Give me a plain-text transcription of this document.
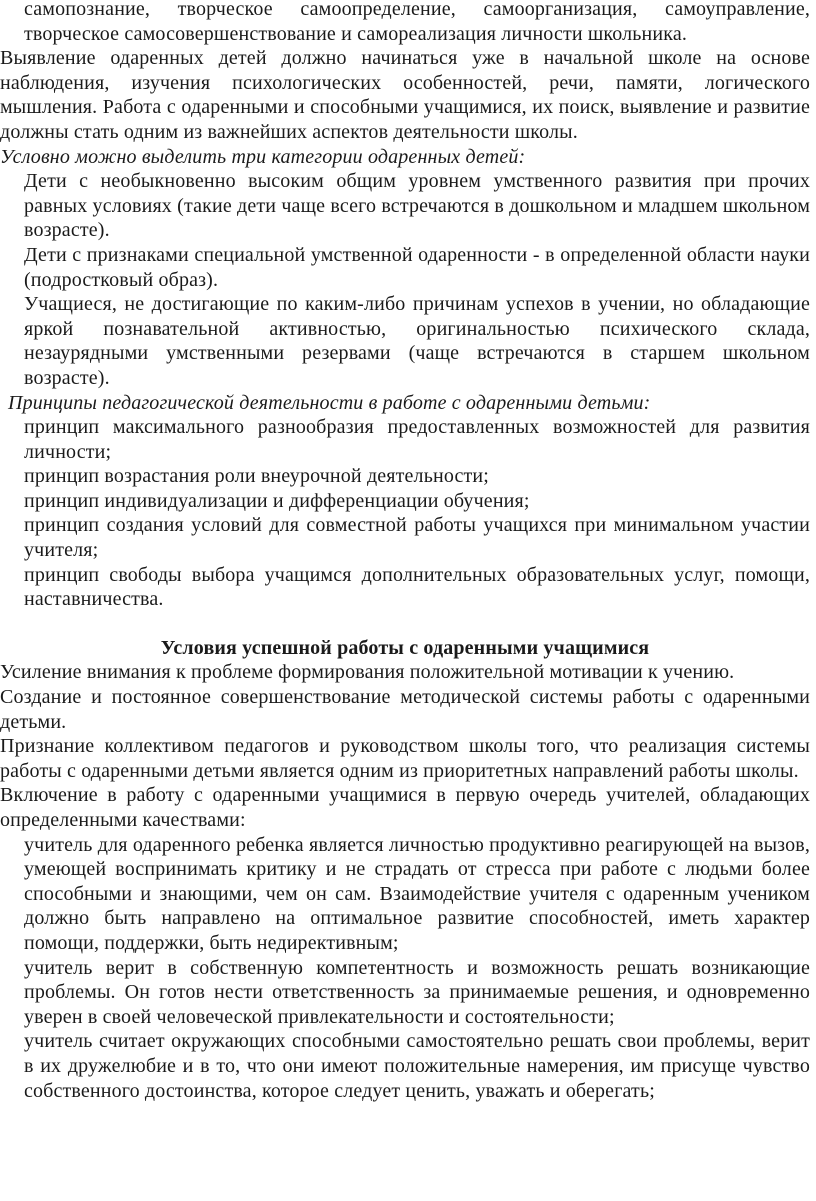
самопознание, творческое самоопределение, самоорганизация, самоуправление, творческое самосовершенствование и самореализация личности школьника.

Выявление одаренных детей должно начинаться уже в начальной школе на основе наблюдения, изучения психологических особенностей, речи, памяти, логического мышления. Работа с одаренными и способными учащимися, их поиск, выявление и развитие должны стать одним из важнейших аспектов деятельности школы.

Условно можно выделить три категории одаренных детей:

Дети с необыкновенно высоким общим уровнем умственного развития при прочих равных условиях (такие дети чаще всего встречаются в дошкольном и младшем школьном возрасте).

Дети с признаками специальной умственной одаренности - в определенной области науки (подростковый образ).

Учащиеся, не достигающие по каким-либо причинам успехов в учении, но обладающие яркой познавательной активностью, оригинальностью психического склада, незаурядными умственными резервами (чаще встречаются в старшем школьном возрасте).

Принципы педагогической деятельности в работе с одаренными детьми:

принцип максимального разнообразия предоставленных возможностей для развития личности;

принцип возрастания роли внеурочной деятельности;

принцип индивидуализации и дифференциации обучения;

принцип создания условий для совместной работы учащихся при минимальном участии учителя;

принцип свободы выбора учащимся дополнительных образовательных услуг, помощи, наставничества.

Условия успешной работы с одаренными учащимися

Усиление внимания к проблеме формирования положительной мотивации к учению.

Создание и постоянное совершенствование методической системы работы с одаренными детьми.

Признание коллективом педагогов и руководством школы того, что реализация системы работы с одаренными детьми является одним из приоритетных направлений работы школы.

Включение в работу с одаренными учащимися в первую очередь учителей, обладающих определенными качествами:

учитель для одаренного ребенка является личностью продуктивно реагирующей на вызов, умеющей воспринимать критику и не страдать от стресса при работе с людьми более способными и знающими, чем он сам. Взаимодействие учителя с одаренным учеником должно быть направлено на оптимальное развитие способностей, иметь характер помощи, поддержки, быть недирективным;

учитель верит в собственную компетентность и возможность решать возникающие проблемы. Он готов нести ответственность за принимаемые решения, и одновременно уверен в своей человеческой привлекательности и состоятельности;

учитель считает окружающих способными самостоятельно решать свои проблемы, верит в их дружелюбие и в то, что они имеют положительные намерения, им присуще чувство собственного достоинства, которое следует ценить, уважать и оберегать;
